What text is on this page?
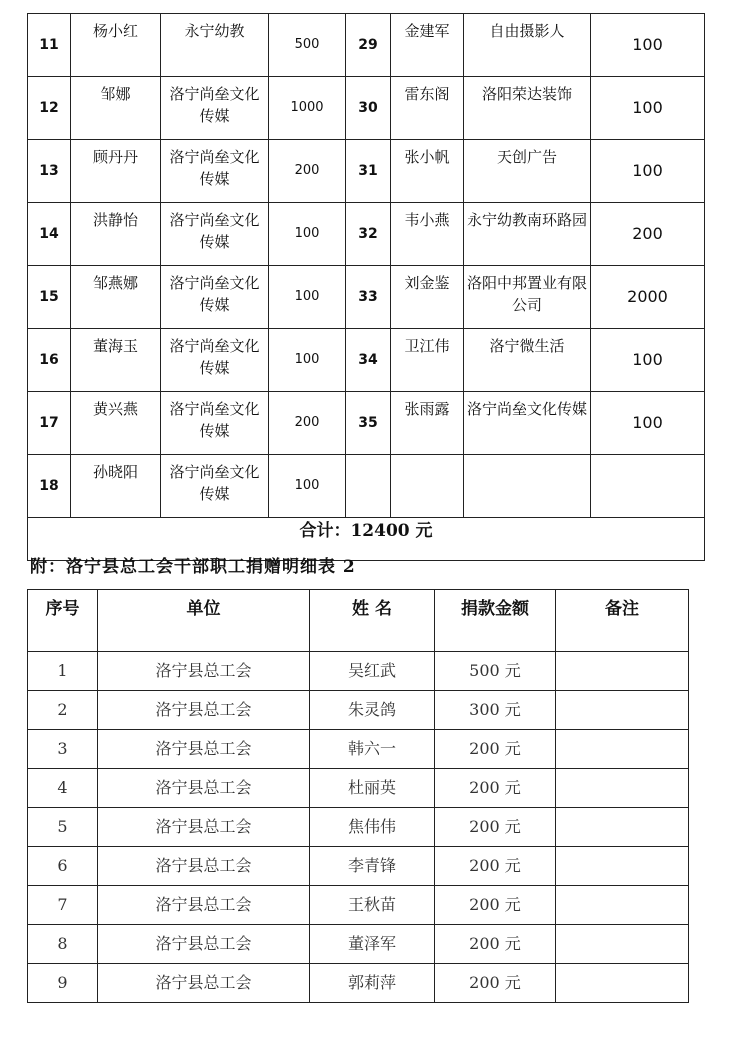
11	杨小红	永宁幼教	500	29	金建军	自由摄影人	100
12	邹娜	洛宁尚垒文化传媒	1000	30	雷东阁	洛阳荣达装饰	100
13	顾丹丹	洛宁尚垒文化传媒	200	31	张小帆	天创广告	100
14	洪静怡	洛宁尚垒文化传媒	100	32	韦小燕	永宁幼教南环路园	200
15	邹燕娜	洛宁尚垒文化传媒	100	33	刘金鉴	洛阳中邦置业有限公司	2000
16	董海玉	洛宁尚垒文化传媒	100	34	卫江伟	洛宁微生活	100
17	黄兴燕	洛宁尚垒文化传媒	200	35	张雨露	洛宁尚垒文化传媒	100
18	孙晓阳	洛宁尚垒文化传媒	100				
合计：12400 元							
附：洛宁县总工会干部职工捐赠明细表 2
序号	单位	姓 名	捐款金额	备注
1	洛宁县总工会	吴红武	500 元	
2	洛宁县总工会	朱灵鸽	300 元	
3	洛宁县总工会	韩六一	200 元	
4	洛宁县总工会	杜丽英	200 元	
5	洛宁县总工会	焦伟伟	200 元	
6	洛宁县总工会	李青锋	200 元	
7	洛宁县总工会	王秋苗	200 元	
8	洛宁县总工会	董泽军	200 元	
9	洛宁县总工会	郭莉萍	200 元	
